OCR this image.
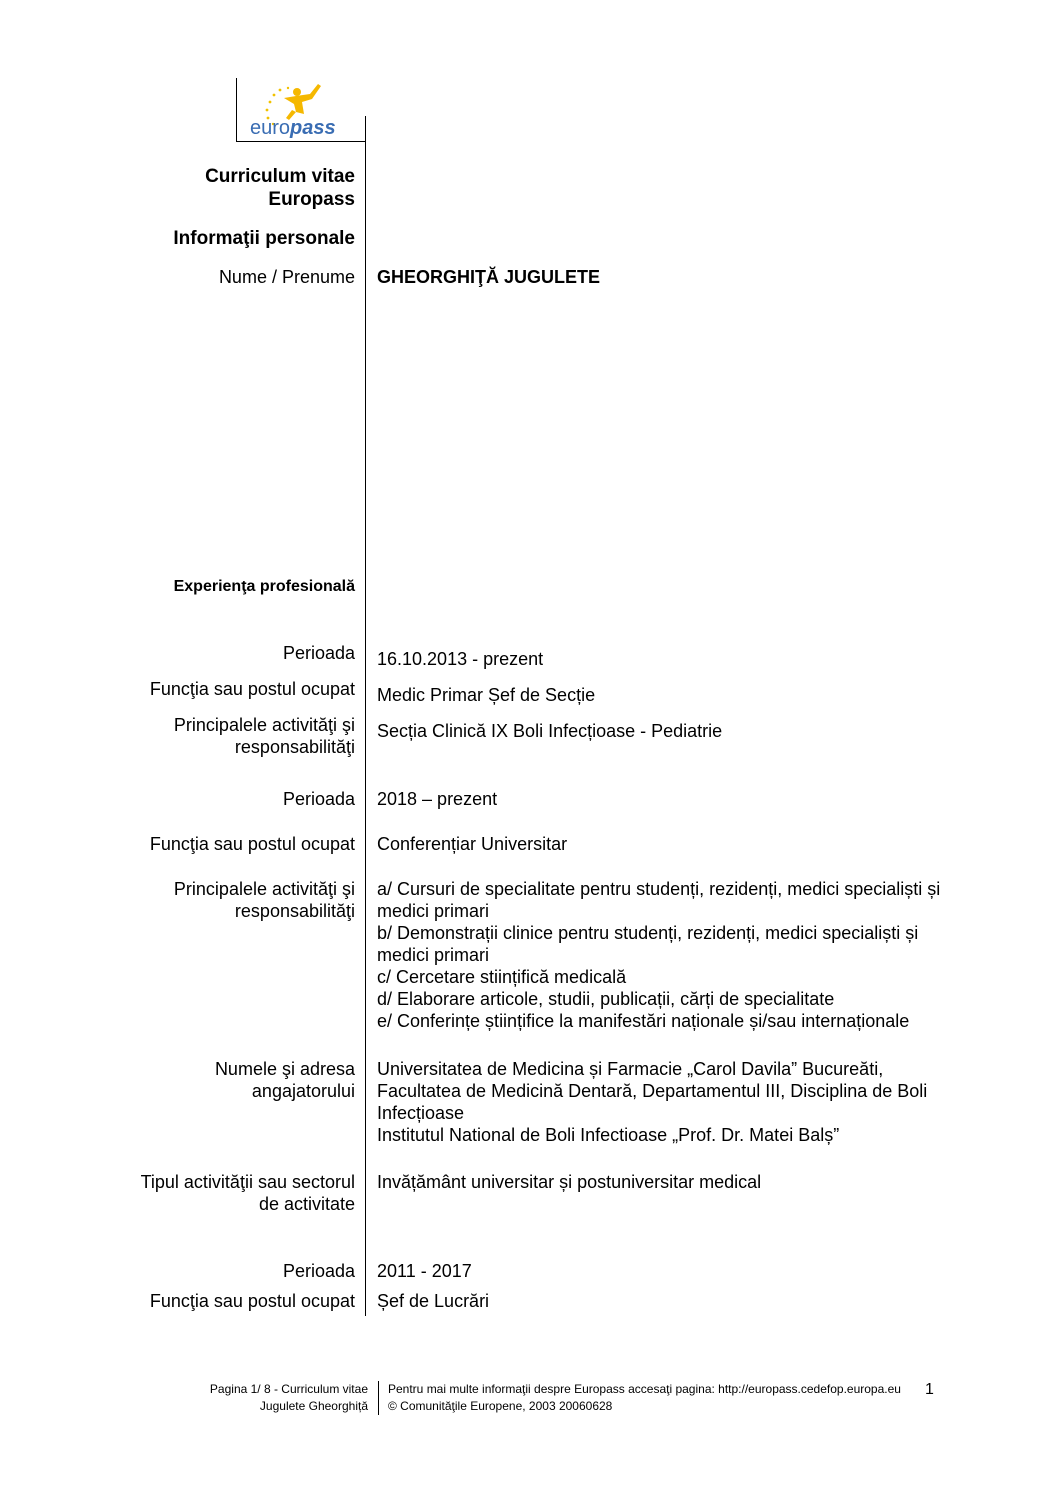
euro pass
Curriculum vitae
Europass
Informaţii personale
Nume / Prenume GHEORGHIŢĂ JUGULETE
Experienţa profesională
Perioada 16.10.2013 - prezent
Funcţia sau postul ocupat Medic Primar Șef de Secție
Principalele activităţi şi
responsabilităţi
Secția Clinică IX Boli Infecțioase - Pediatrie
Perioada 2018 – prezent
Funcţia sau postul ocupat Conferențiar Universitar
Principalele activităţi şi
responsabilităţi
a/ Cursuri de specialitate pentru studenți, rezidenți, medici specialiști și
medici primari
b/ Demonstrații clinice pentru studenți, rezidenți, medici specialiști și
medici primari
c/ Cercetare stiințifică medicală
d/ Elaborare articole, studii, publicații, cărți de specialitate
e/ Conferințe științifice la manifestări naționale și/sau internaționale
Numele şi adresa
angajatorului
Universitatea de Medicina și Farmacie „Carol Davila” Bucureăti,
Facultatea de Medicină Dentară, Departamentul III, Disciplina de Boli
Infecțioase
Institutul National de Boli Infectioase „Prof. Dr. Matei Balș”
Tipul activităţii sau sectorul
de activitate
Invățământ universitar și postuniversitar medical
Perioada 2011 - 2017
Funcţia sau postul ocupat Șef de Lucrări
Pagina 1/ 8 - Curriculum vitae
Jugulete Gheorghiță
Pentru mai multe informaţii despre Europass accesaţi pagina: http://europass.cedefop.europa.eu
© Comunităţile Europene, 2003 20060628
1
